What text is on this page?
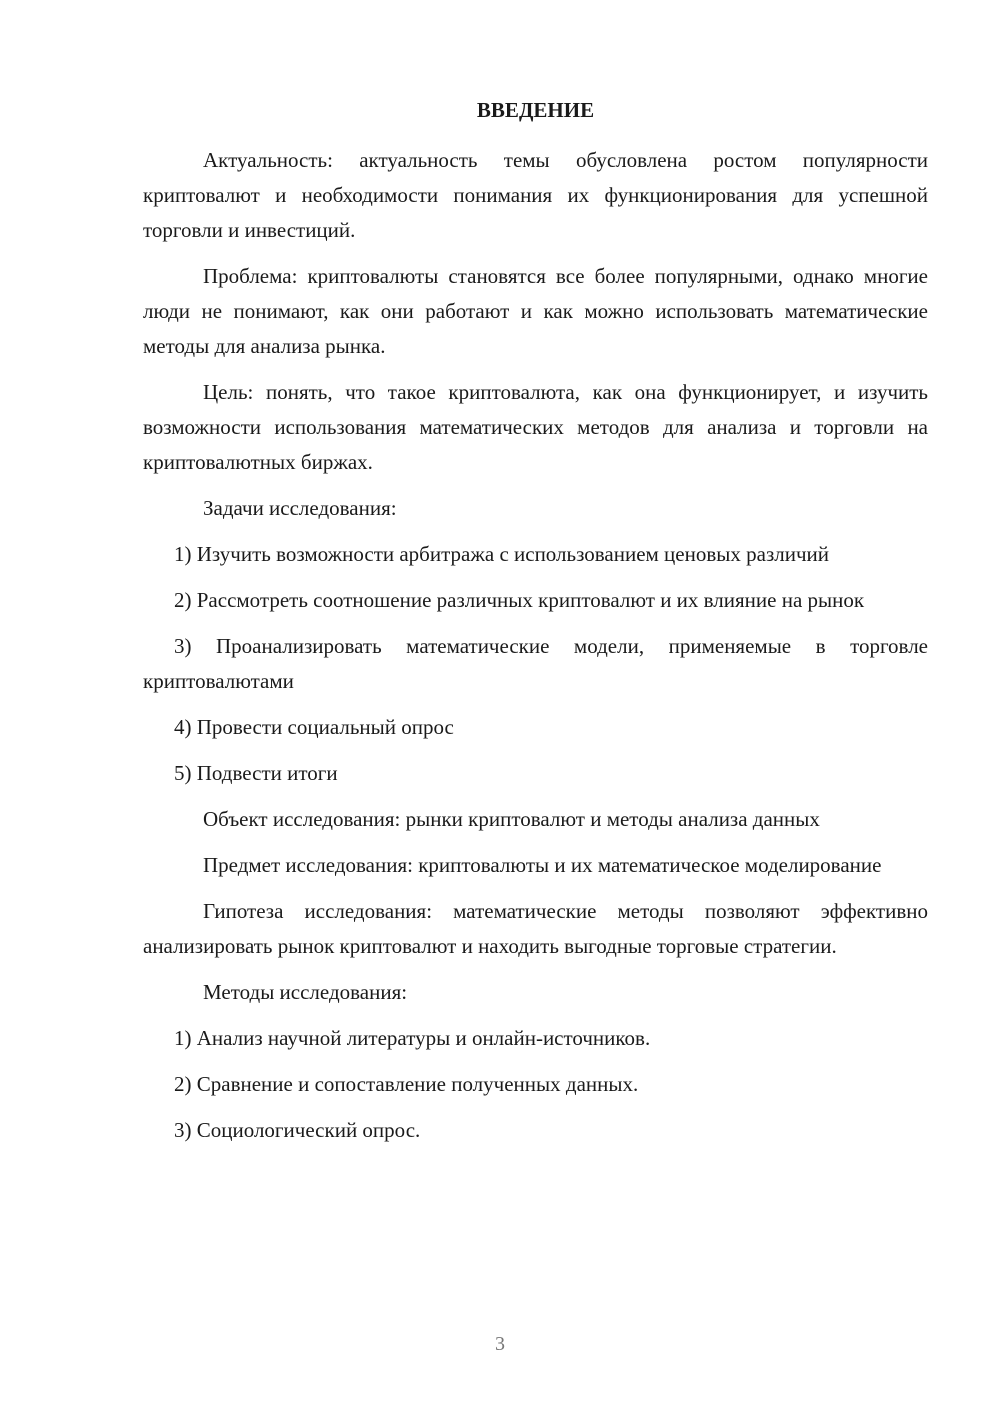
ВВЕДЕНИЕ

Актуальность: актуальность темы обусловлена ростом популярности криптовалют и необходимости понимания их функционирования для успешной торговли и инвестиций.

Проблема: криптовалюты становятся все более популярными, однако многие люди не понимают, как они работают и как можно использовать математические методы для анализа рынка.

Цель: понять, что такое криптовалюта, как она функционирует, и изучить возможности использования математических методов для анализа и торговли на криптовалютных биржах.

Задачи исследования:

1) Изучить возможности арбитража с использованием ценовых различий

2) Рассмотреть соотношение различных криптовалют и их влияние на рынок

3) Проанализировать математические модели, применяемые в торговле криптовалютами

4) Провести социальный опрос

5) Подвести итоги

Объект исследования: рынки криптовалют и методы анализа данных

Предмет исследования: криптовалюты и их математическое моделирование

Гипотеза исследования: математические методы позволяют эффективно анализировать рынок криптовалют и находить выгодные торговые стратегии.

Методы исследования:

1) Анализ научной литературы и онлайн-источников.

2) Сравнение и сопоставление полученных данных.

3) Социологический опрос.

3
